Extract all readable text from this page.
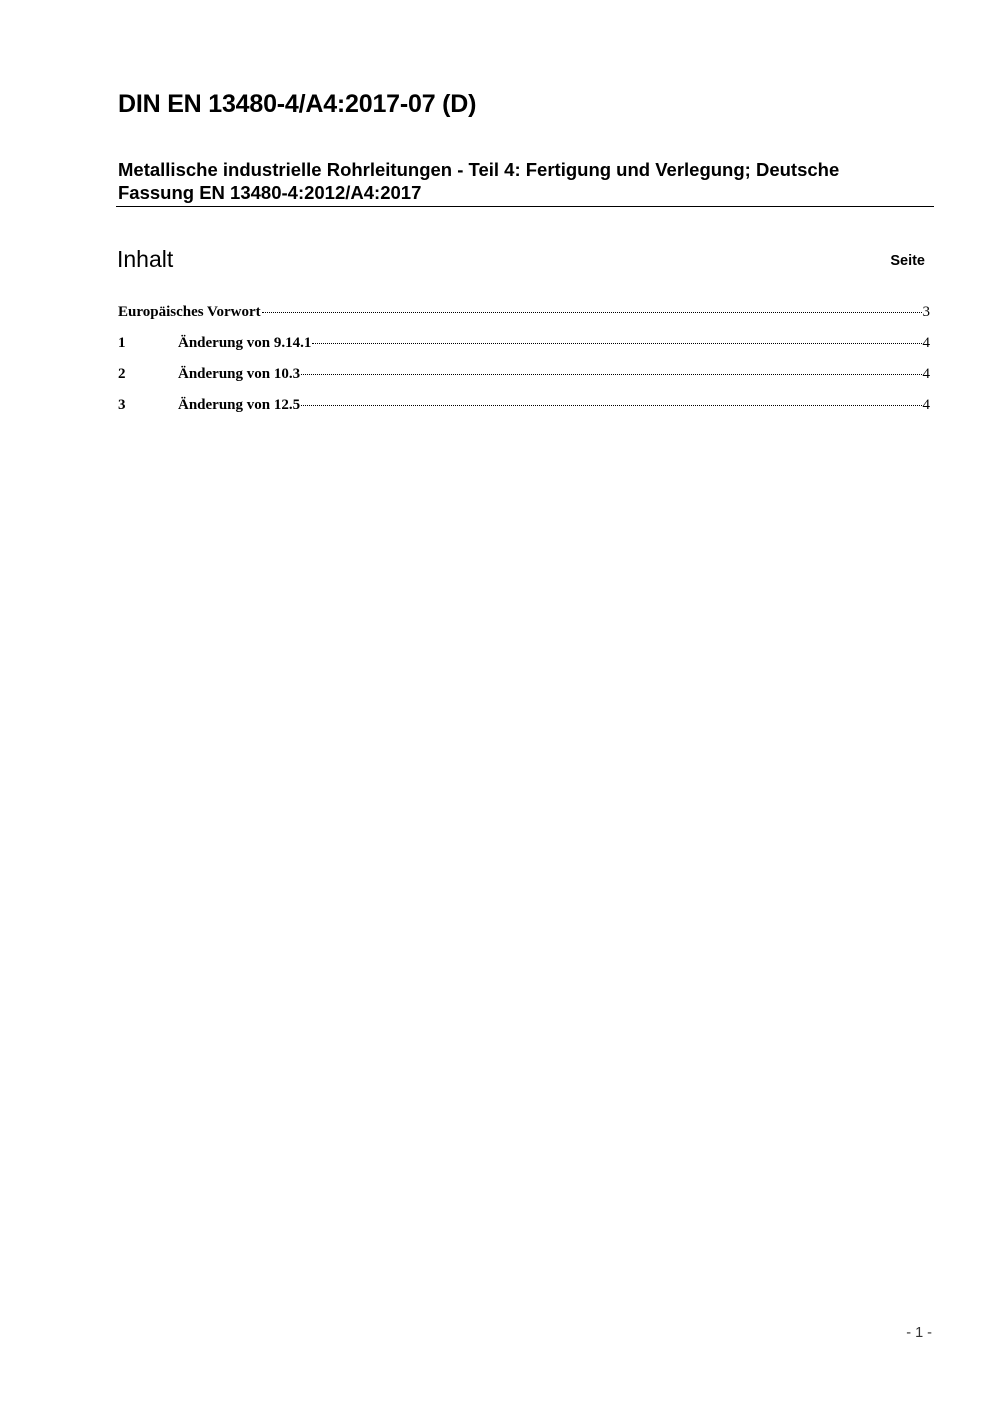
DIN EN 13480-4/A4:2017-07 (D)
Metallische industrielle Rohrleitungen - Teil 4: Fertigung und Verlegung; Deutsche
Fassung EN 13480-4:2012/A4:2017
Inhalt	Seite
Europäisches Vorwort	3
1	Änderung von 9.14.1	4
2	Änderung von 10.3	4
3	Änderung von 12.5	4
- 1 -
